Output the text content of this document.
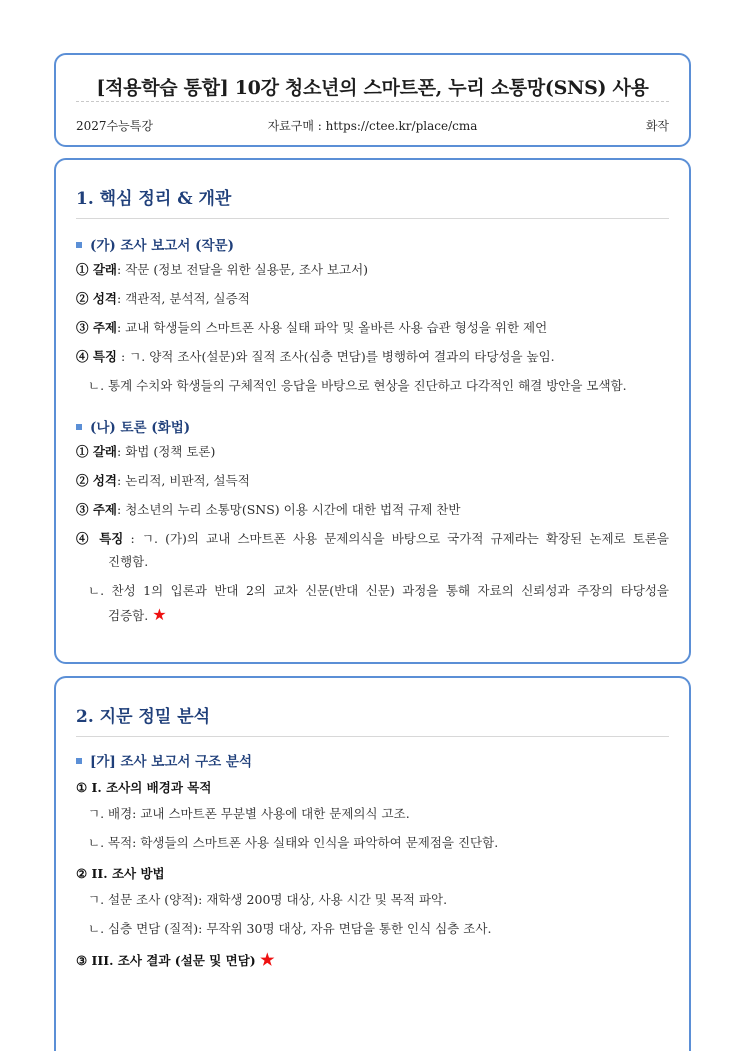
[적용학습 통합] 10강 청소년의 스마트폰, 누리 소통망(SNS) 사용
2027수능특강	자료구매 : https://ctee.kr/place/cma	화작
1. 핵심 정리 & 개관
(가) 조사 보고서 (작문)
① 갈래: 작문 (정보 전달을 위한 실용문, 조사 보고서)
② 성격: 객관적, 분석적, 실증적
③ 주제: 교내 학생들의 스마트폰 사용 실태 파악 및 올바른 사용 습관 형성을 위한 제언
④ 특징 : ㄱ. 양적 조사(설문)와 질적 조사(심층 면담)를 병행하여 결과의 타당성을 높임.
ㄴ. 통계 수치와 학생들의 구체적인 응답을 바탕으로 현상을 진단하고 다각적인 해결 방안을 모색함.
(나) 토론 (화법)
① 갈래: 화법 (정책 토론)
② 성격: 논리적, 비판적, 설득적
③ 주제: 청소년의 누리 소통망(SNS) 이용 시간에 대한 법적 규제 찬반
④ 특징 : ㄱ. (가)의 교내 스마트폰 사용 문제의식을 바탕으로 국가적 규제라는 확장된 논제로 토론을
진행함.
ㄴ. 찬성 1의 입론과 반대 2의 교차 신문(반대 신문) 과정을 통해 자료의 신뢰성과 주장의 타당성을
검증함. ★
2. 지문 정밀 분석
[가] 조사 보고서 구조 분석
① I. 조사의 배경과 목적
ㄱ. 배경: 교내 스마트폰 무분별 사용에 대한 문제의식 고조.
ㄴ. 목적: 학생들의 스마트폰 사용 실태와 인식을 파악하여 문제점을 진단함.
② II. 조사 방법
ㄱ. 설문 조사 (양적): 재학생 200명 대상, 사용 시간 및 목적 파악.
ㄴ. 심층 면담 (질적): 무작위 30명 대상, 자유 면담을 통한 인식 심층 조사.
③ III. 조사 결과 (설문 및 면담) ★
